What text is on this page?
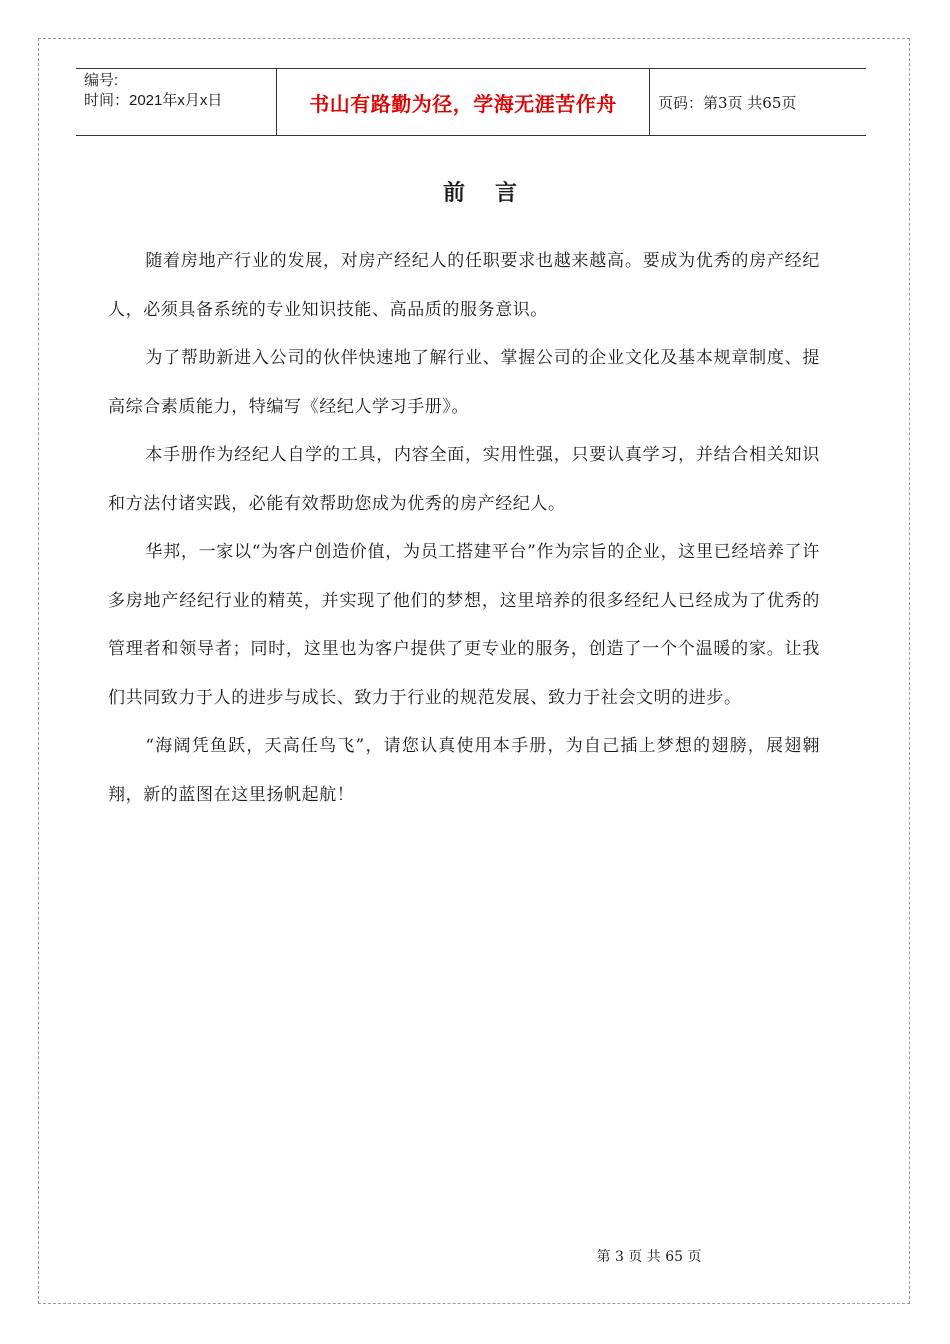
编号:
时间：2021年x月x日	书山有路勤为径，学海无涯苦作舟	页码：第3页 共65页
前言

随着房地产行业的发展，对房产经纪人的任职要求也越来越高。要成为优秀的房产经纪人，必须具备系统的专业知识技能、高品质的服务意识。

为了帮助新进入公司的伙伴快速地了解行业、掌握公司的企业文化及基本规章制度、提高综合素质能力，特编写《经纪人学习手册》。

本手册作为经纪人自学的工具，内容全面，实用性强，只要认真学习，并结合相关知识和方法付诸实践，必能有效帮助您成为优秀的房产经纪人。

华邦，一家以“为客户创造价值，为员工搭建平台”作为宗旨的企业，这里已经培养了许多房地产经纪行业的精英，并实现了他们的梦想，这里培养的很多经纪人已经成为了优秀的管理者和领导者；同时，这里也为客户提供了更专业的服务，创造了一个个温暖的家。让我们共同致力于人的进步与成长、致力于行业的规范发展、致力于社会文明的进步。

“海阔凭鱼跃，天高任鸟飞”，请您认真使用本手册，为自己插上梦想的翅膀，展翅翱翔，新的蓝图在这里扬帆起航！

第 3 页 共 65 页
